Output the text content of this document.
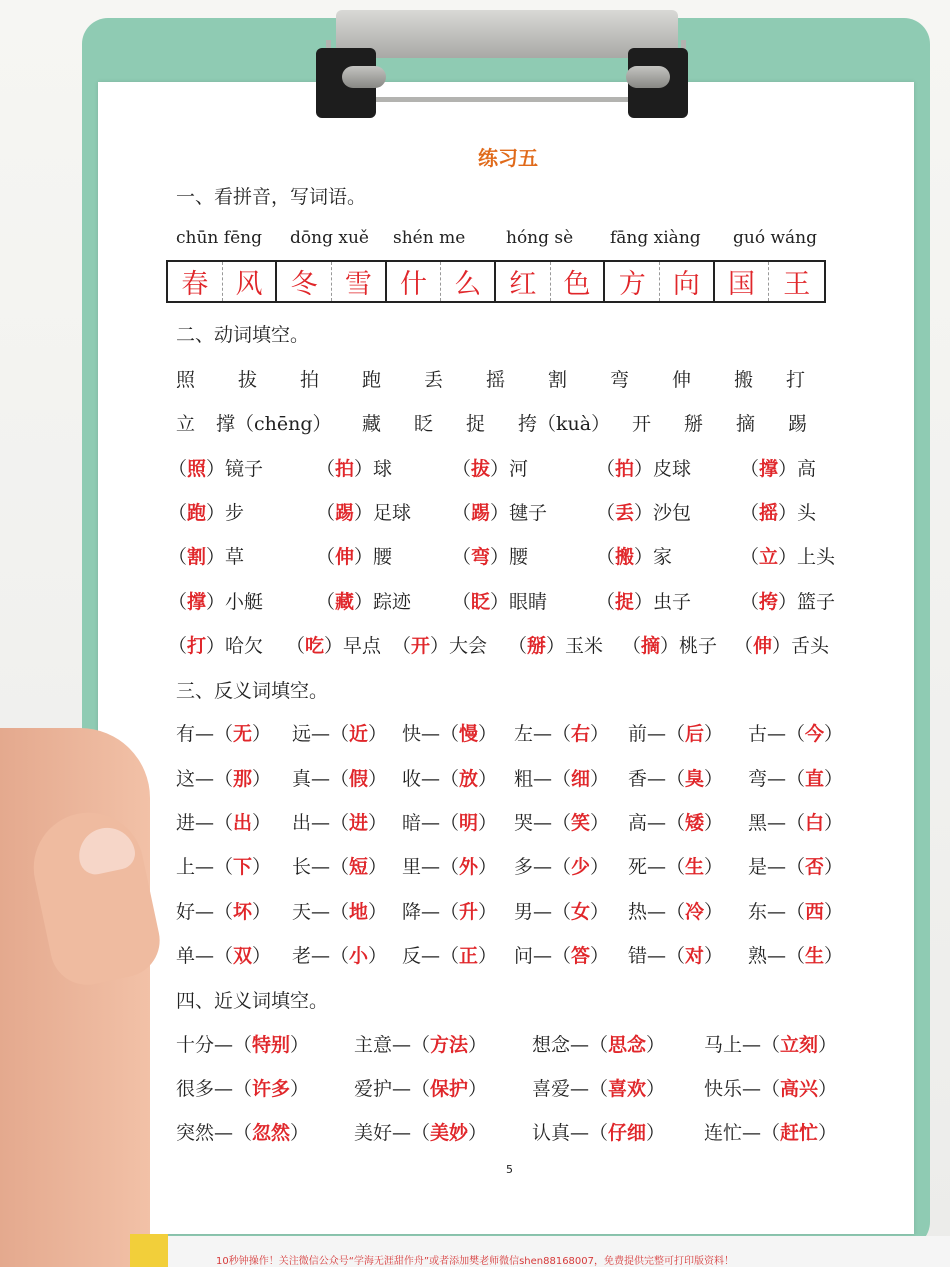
练习五
一、看拼音，写词语。
春	风	冬	雪	什	么	红	色	方	向	国	王
二、动词填空。
照 拔 拍 跑 丢 摇 割 弯 伸 搬 打
立 撑（chēng） 藏 眨 捉 挎（kuà） 开 掰 摘 踢
（照）镜子	（拍）球	（拔）河	（拍）皮球	（撑）高
（跑）步	（踢）足球 （踢）毽子	（丢）沙包	（摇）头
（割）草	（伸）腰	（弯）腰	（搬）家	（立）上头
（撑）小艇	（藏）踪迹 （眨）眼睛	（捉）虫子	（挎）篮子
（打）哈欠 （吃）早点 （开）大会 （掰）玉米 （摘）桃子 （伸）舌头
三、反义词填空。
有—（无） 远—（近） 快—（慢） 左—（右） 前—（后） 古—（今）
这—（那） 真—（假） 收—（放） 粗—（细） 香—（臭） 弯—（直）
进—（出） 出—（进） 暗—（明） 哭—（笑） 高—（矮） 黑—（白）
上—（下） 长—（短） 里—（外） 多—（少） 死—（生） 是—（否）
好—（坏） 天—（地） 降—（升） 男—（女） 热—（冷） 东—（西）
单—（双） 老—（小） 反—（正） 问—（答） 错—（对） 熟—（生）
四、近义词填空。
十分—（特别） 主意—（方法） 想念—（思念） 马上—（立刻）
很多—（许多） 爱护—（保护） 喜爱—（喜欢） 快乐—（高兴）
突然—（忽然） 美好—（美妙） 认真—（仔细） 连忙—（赶忙）
5
10秒钟操作！关注微信公众号“学海无涯甜作舟”或者添加樊老师微信shen88168007，免费提供完整可打印版资料！
chūn fēng dōng xuě shén me hóng sè fāng xiàng guó wáng
